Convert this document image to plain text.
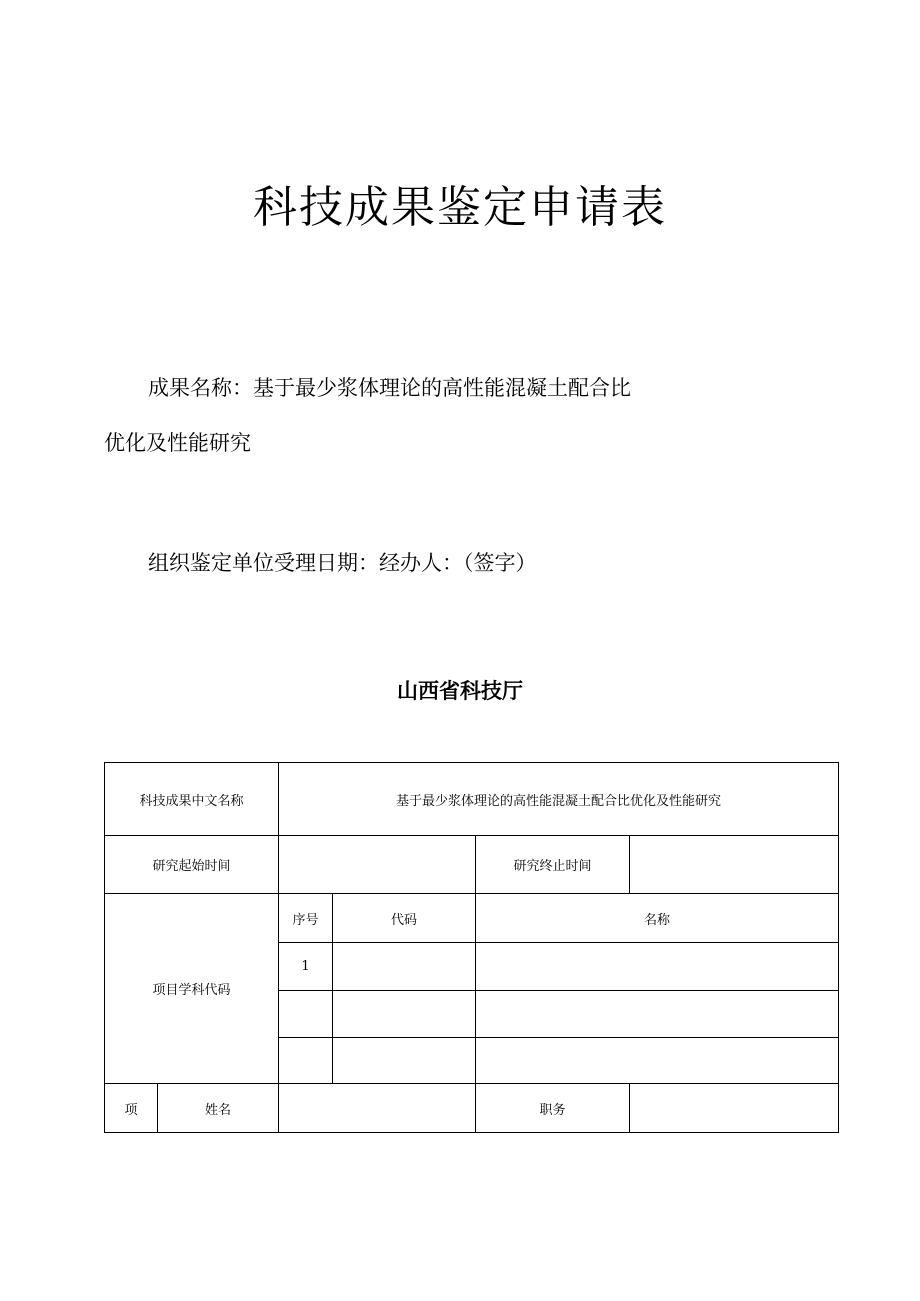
科技成果鉴定申请表
成果名称：基于最少浆体理论的高性能混凝土配合比
优化及性能研究
组织鉴定单位受理日期：经办人：（签字）
山西省科技厅
科技成果中文名称		基于最少浆体理论的高性能混凝土配合比优化及性能研究			
研究起始时间				研究终止时间	
项目学科代码		序号	代码	名称	
		1			

项	姓名			职务	
